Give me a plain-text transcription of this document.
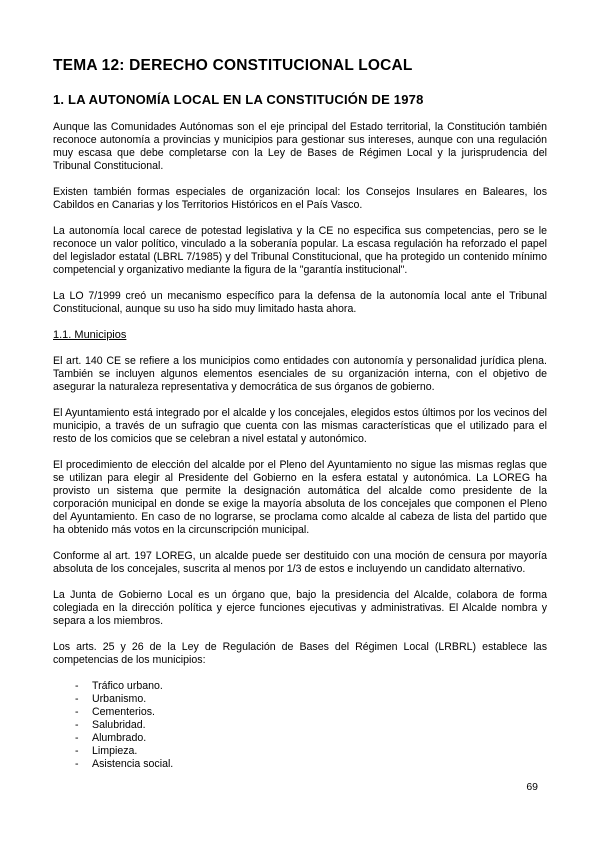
TEMA 12: DERECHO CONSTITUCIONAL LOCAL
1. LA AUTONOMÍA LOCAL EN LA CONSTITUCIÓN DE 1978

Aunque las Comunidades Autónomas son el eje principal del Estado territorial, la Constitución también reconoce autonomía a provincias y municipios para gestionar sus intereses, aunque con una regulación muy escasa que debe completarse con la Ley de Bases de Régimen Local y la jurisprudencia del Tribunal Constitucional.

Existen también formas especiales de organización local: los Consejos Insulares en Baleares, los Cabildos en Canarias y los Territorios Históricos en el País Vasco.

La autonomía local carece de potestad legislativa y la CE no especifica sus competencias, pero se le reconoce un valor político, vinculado a la soberanía popular. La escasa regulación ha reforzado el papel del legislador estatal (LBRL 7/1985) y del Tribunal Constitucional, que ha protegido un contenido mínimo competencial y organizativo mediante la figura de la "garantía institucional".

La LO 7/1999 creó un mecanismo específico para la defensa de la autonomía local ante el Tribunal Constitucional, aunque su uso ha sido muy limitado hasta ahora.

1.1. Municipios

El art. 140 CE se refiere a los municipios como entidades con autonomía y personalidad jurídica plena. También se incluyen algunos elementos esenciales de su organización interna, con el objetivo de asegurar la naturaleza representativa y democrática de sus órganos de gobierno.

El Ayuntamiento está integrado por el alcalde y los concejales, elegidos estos últimos por los vecinos del municipio, a través de un sufragio que cuenta con las mismas características que el utilizado para el resto de los comicios que se celebran a nivel estatal y autonómico.

El procedimiento de elección del alcalde por el Pleno del Ayuntamiento no sigue las mismas reglas que se utilizan para elegir al Presidente del Gobierno en la esfera estatal y autonómica. La LOREG ha provisto un sistema que permite la designación automática del alcalde como presidente de la corporación municipal en donde se exige la mayoría absoluta de los concejales que componen el Pleno del Ayuntamiento. En caso de no lograrse, se proclama como alcalde al cabeza de lista del partido que ha obtenido más votos en la circunscripción municipal.

Conforme al art. 197 LOREG, un alcalde puede ser destituido con una moción de censura por mayoría absoluta de los concejales, suscrita al menos por 1/3 de estos e incluyendo un candidato alternativo.

La Junta de Gobierno Local es un órgano que, bajo la presidencia del Alcalde, colabora de forma colegiada en la dirección política y ejerce funciones ejecutivas y administrativas. El Alcalde nombra y separa a los miembros.

Los arts. 25 y 26 de la Ley de Regulación de Bases del Régimen Local (LRBRL) establece las competencias de los municipios:

-	Tráfico urbano.
-	Urbanismo.
-	Cementerios.
-	Salubridad.
-	Alumbrado.
-	Limpieza.
-	Asistencia social.
69
